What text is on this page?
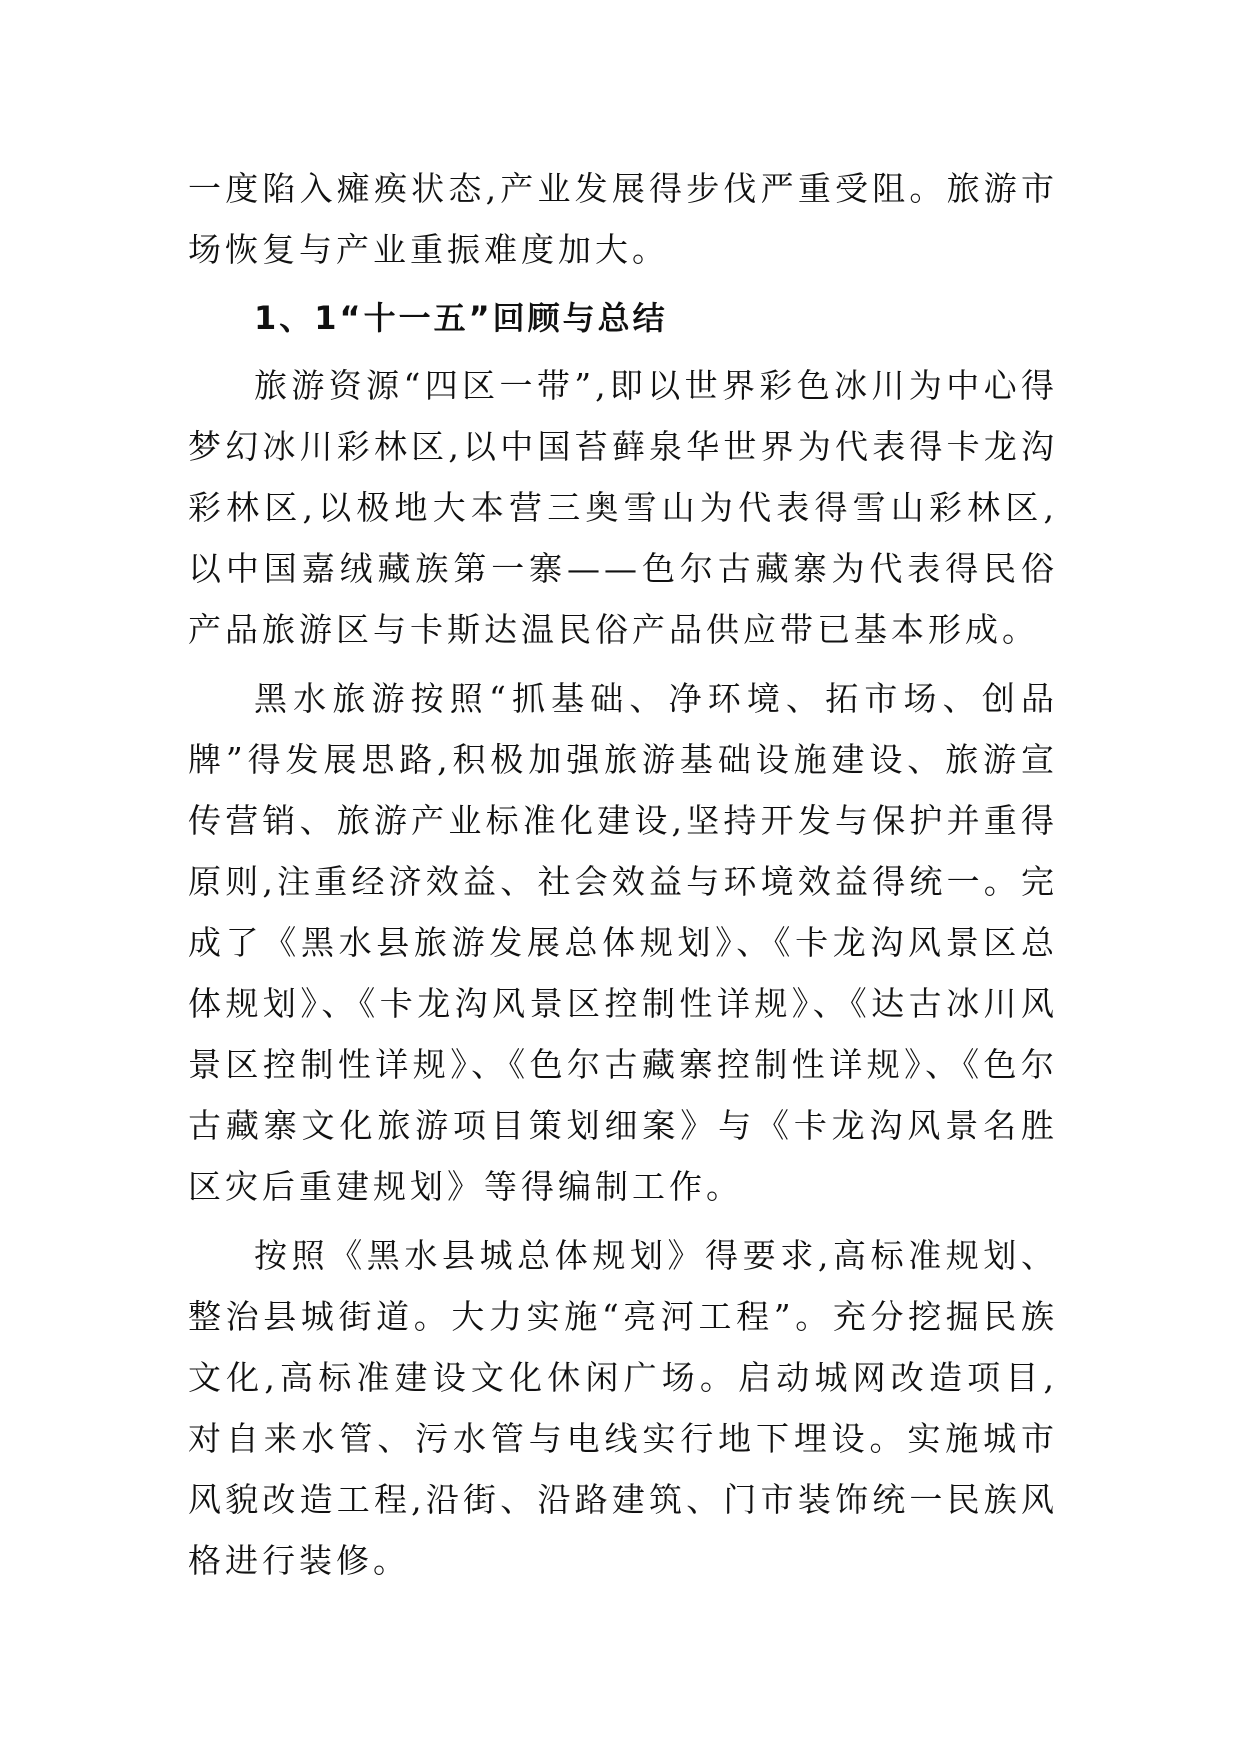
一度陷入瘫痪状态,产业发展得步伐严重受阻。旅游市场恢复与产业重振难度加大。

1、1“十一五”回顾与总结

旅游资源“四区一带”,即以世界彩色冰川为中心得梦幻冰川彩林区,以中国苔藓泉华世界为代表得卡龙沟彩林区,以极地大本营三奥雪山为代表得雪山彩林区,以中国嘉绒藏族第一寨——色尔古藏寨为代表得民俗产品旅游区与卡斯达温民俗产品供应带已基本形成。

黑水旅游按照“抓基础、净环境、拓市场、创品牌”得发展思路,积极加强旅游基础设施建设、旅游宣传营销、旅游产业标准化建设,坚持开发与保护并重得原则,注重经济效益、社会效益与环境效益得统一。完成了《黑水县旅游发展总体规划》、《卡龙沟风景区总体规划》、《卡龙沟风景区控制性详规》、《达古冰川风景区控制性详规》、《色尔古藏寨控制性详规》、《色尔古藏寨文化旅游项目策划细案》与《卡龙沟风景名胜区灾后重建规划》等得编制工作。

按照《黑水县城总体规划》得要求,高标准规划、整治县城街道。大力实施“亮河工程”。充分挖掘民族文化,高标准建设文化休闲广场。启动城网改造项目,对自来水管、污水管与电线实行地下埋设。实施城市风貌改造工程,沿街、沿路建筑、门市装饰统一民族风格进行装修。
